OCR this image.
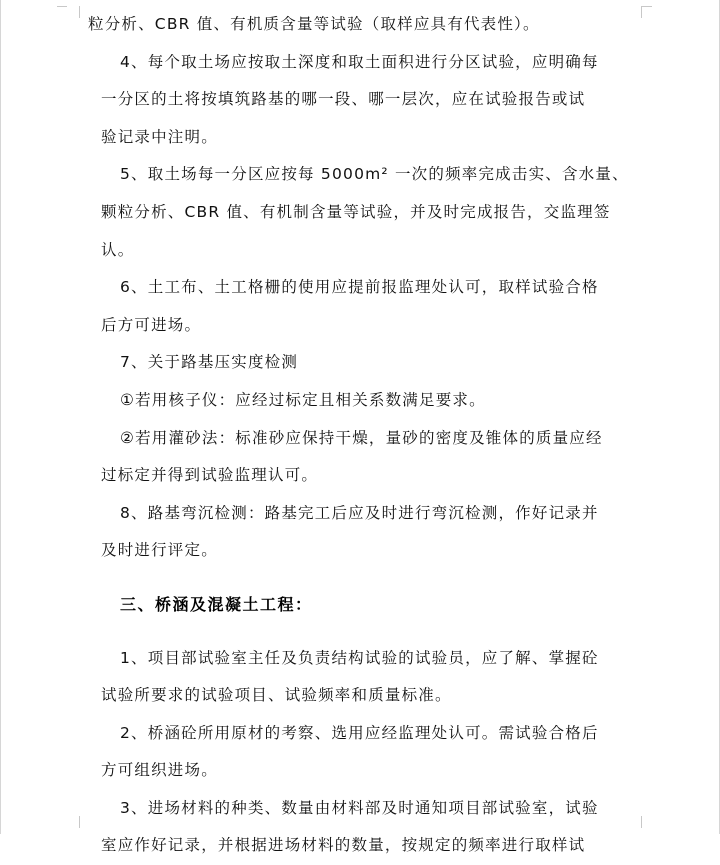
粒分析、CBR 值、有机质含量等试验（取样应具有代表性）。

4、每个取土场应按取土深度和取土面积进行分区试验，应明确每

一分区的土将按填筑路基的哪一段、哪一层次，应在试验报告或试

验记录中注明。

5、取土场每一分区应按每 5000m² 一次的频率完成击实、含水量、

颗粒分析、CBR 值、有机制含量等试验，并及时完成报告，交监理签

认。

6、土工布、土工格栅的使用应提前报监理处认可，取样试验合格

后方可进场。

7、关于路基压实度检测

①若用核子仪：应经过标定且相关系数满足要求。

②若用灌砂法：标准砂应保持干燥，量砂的密度及锥体的质量应经

过标定并得到试验监理认可。

8、路基弯沉检测：路基完工后应及时进行弯沉检测，作好记录并

及时进行评定。

三、桥涵及混凝土工程：

1、项目部试验室主任及负责结构试验的试验员，应了解、掌握砼

试验所要求的试验项目、试验频率和质量标准。

2、桥涵砼所用原材的考察、选用应经监理处认可。需试验合格后

方可组织进场。

3、进场材料的种类、数量由材料部及时通知项目部试验室，试验

室应作好记录，并根据进场材料的数量，按规定的频率进行取样试
